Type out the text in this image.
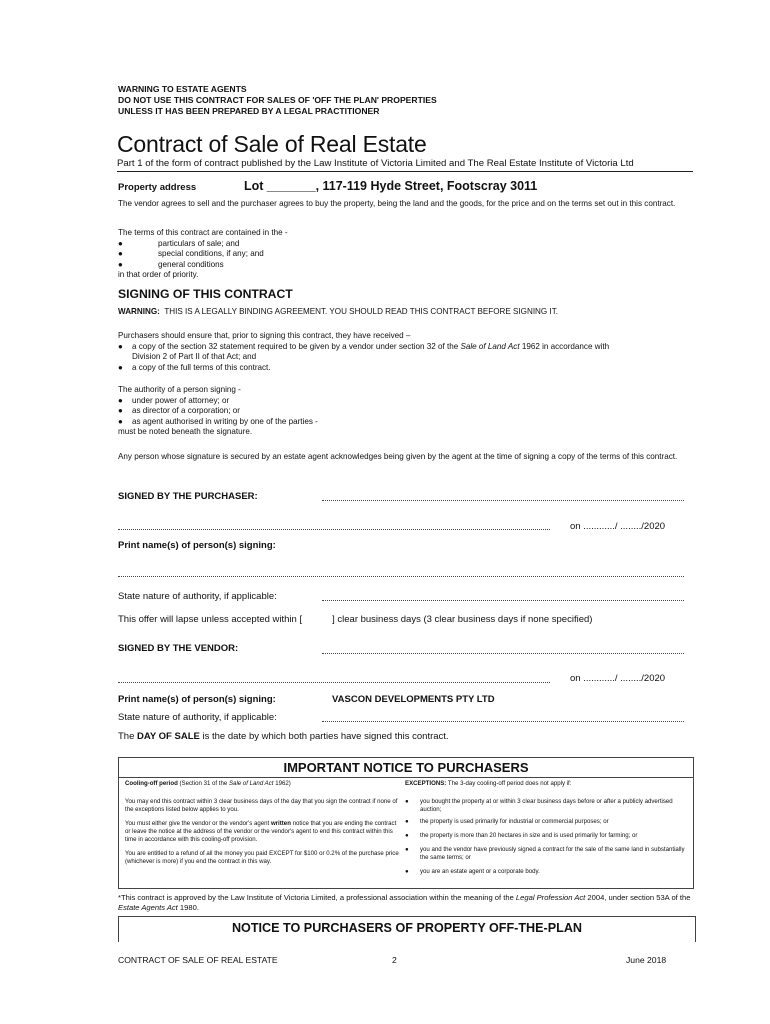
WARNING TO ESTATE AGENTS
DO NOT USE THIS CONTRACT FOR SALES OF 'OFF THE PLAN' PROPERTIES
UNLESS IT HAS BEEN PREPARED BY A LEGAL PRACTITIONER
Contract of Sale of Real Estate
Part 1 of the form of contract published by the Law Institute of Victoria Limited and The Real Estate Institute of Victoria Ltd
Property address	Lot _______, 117-119 Hyde Street, Footscray 3011
The vendor agrees to sell and the purchaser agrees to buy the property, being the land and the goods, for the price and on the terms set out in this contract.
The terms of this contract are contained in the -
●	particulars of sale; and
●	special conditions, if any; and
●	general conditions
in that order of priority.
SIGNING OF THIS CONTRACT
WARNING: THIS IS A LEGALLY BINDING AGREEMENT. YOU SHOULD READ THIS CONTRACT BEFORE SIGNING IT.
Purchasers should ensure that, prior to signing this contract, they have received –
●	a copy of the section 32 statement required to be given by a vendor under section 32 of the Sale of Land Act 1962 in accordance with
Division 2 of Part II of that Act; and
●	a copy of the full terms of this contract.
The authority of a person signing -
●	under power of attorney; or
●	as director of a corporation; or
●	as agent authorised in writing by one of the parties -
must be noted beneath the signature.
Any person whose signature is secured by an estate agent acknowledges being given by the agent at the time of signing a copy of the terms of this contract.
SIGNED BY THE PURCHASER:
on ............/ ......../2020
Print name(s) of person(s) signing:
State nature of authority, if applicable:
This offer will lapse unless accepted within [	] clear business days (3 clear business days if none specified)
SIGNED BY THE VENDOR:
on ............/ ......../2020
Print name(s) of person(s) signing:	VASCON DEVELOPMENTS PTY LTD
State nature of authority, if applicable:
The DAY OF SALE is the date by which both parties have signed this contract.
IMPORTANT NOTICE TO PURCHASERS
Cooling-off period (Section 31 of the Sale of Land Act 1962)
You may end this contract within 3 clear business days of the day that you sign the contract if none of the exceptions listed below applies to you.
You must either give the vendor or the vendor's agent written notice that you are ending the contract or leave the notice at the address of the vendor or the vendor's agent to end this contract within this time in accordance with this cooling-off provision.
You are entitled to a refund of all the money you paid EXCEPT for $100 or 0.2% of the purchase price (whichever is more) if you end the contract in this way.
EXCEPTIONS: The 3-day cooling-off period does not apply if:
●	you bought the property at or within 3 clear business days before or after a publicly advertised auction;
●	the property is used primarily for industrial or commercial purposes; or
●	the property is more than 20 hectares in size and is used primarily for farming; or
●	you and the vendor have previously signed a contract for the sale of the same land in substantially the same terms; or
●	you are an estate agent or a corporate body.
*This contract is approved by the Law Institute of Victoria Limited, a professional association within the meaning of the Legal Profession Act 2004, under section 53A of the Estate Agents Act 1980.
NOTICE TO PURCHASERS OF PROPERTY OFF-THE-PLAN
CONTRACT OF SALE OF REAL ESTATE	2	June 2018
